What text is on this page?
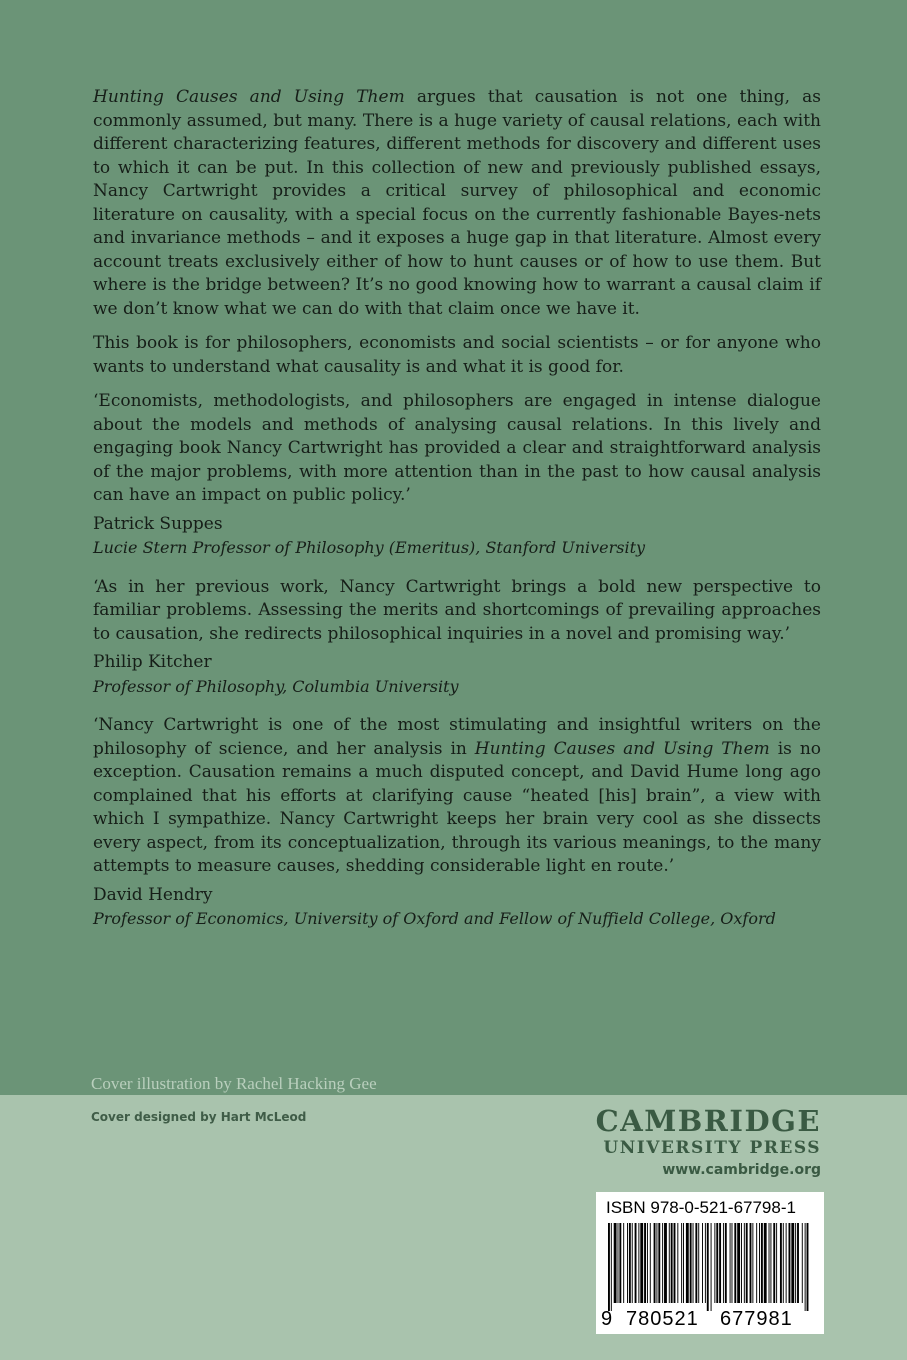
Hunting Causes and Using Them argues that causation is not one thing, as commonly assumed, but many. There is a huge variety of causal relations, each with different characterizing features, different methods for discovery and different uses to which it can be put. In this collection of new and previously published essays, Nancy Cartwright provides a critical survey of philosophical and economic literature on causality, with a special focus on the currently fashionable Bayes-nets and invariance methods – and it exposes a huge gap in that literature. Almost every account treats exclusively either of how to hunt causes or of how to use them. But where is the bridge between? It’s no good knowing how to warrant a causal claim if we don’t know what we can do with that claim once we have it.

This book is for philosophers, economists and social scientists – or for anyone who wants to understand what causality is and what it is good for.

‘Economists, methodologists, and philosophers are engaged in intense dialogue about the models and methods of analysing causal relations. In this lively and engaging book Nancy Cartwright has provided a clear and straightforward analysis of the major problems, with more attention than in the past to how causal analysis can have an impact on public policy.’

Patrick Suppes
Lucie Stern Professor of Philosophy (Emeritus), Stanford University

‘As in her previous work, Nancy Cartwright brings a bold new perspective to familiar problems. Assessing the merits and shortcomings of prevailing approaches to causation, she redirects philosophical inquiries in a novel and promising way.’

Philip Kitcher
Professor of Philosophy, Columbia University

‘Nancy Cartwright is one of the most stimulating and insightful writers on the philosophy of science, and her analysis in Hunting Causes and Using Them is no exception. Causation remains a much disputed concept, and David Hume long ago complained that his efforts at clarifying cause “heated [his] brain”, a view with which I sympathize. Nancy Cartwright keeps her brain very cool as she dissects every aspect, from its conceptualization, through its various meanings, to the many attempts to measure causes, shedding considerable light en route.’

David Hendry
Professor of Economics, University of Oxford and Fellow of Nuffield College, Oxford
Cover illustration by Rachel Hacking Gee
Cover designed by Hart McLeod	CAMBRIDGE
UNIVERSITY PRESS
www.cambridge.org
ISBN 978-0-521-67798-1
9 780521 677981
